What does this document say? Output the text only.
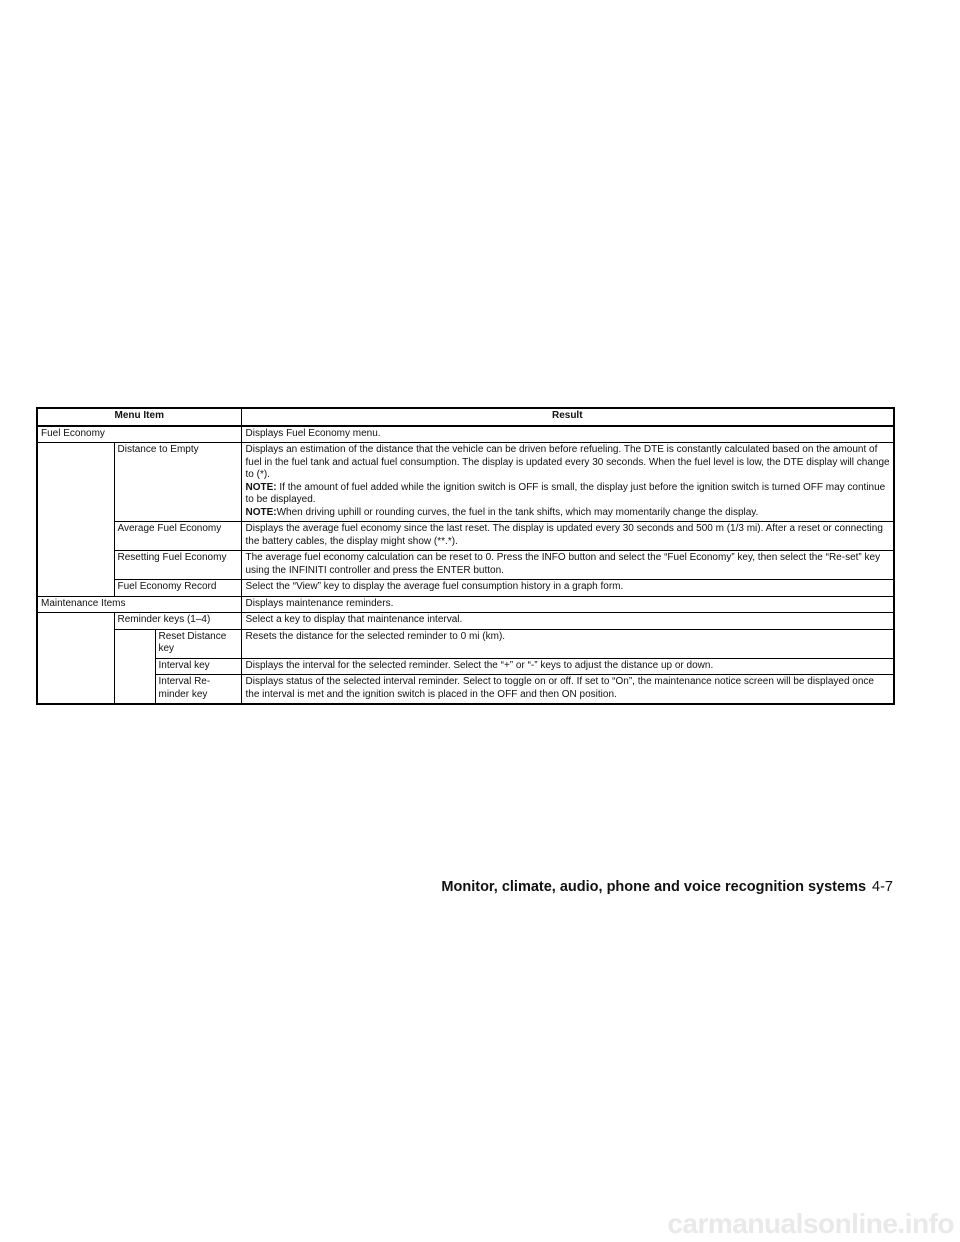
Menu Item			Result
Fuel Economy			Displays Fuel Economy menu.
	Distance to Empty		Displays an estimation of the distance that the vehicle can be driven before refueling. The DTE is constantly calculated based on the amount of fuel in the fuel tank and actual fuel consumption. The display is updated every 30 seconds. When the fuel level is low, the DTE display will change to (*).
NOTE: If the amount of fuel added while the ignition switch is OFF is small, the display just before the ignition switch is turned OFF may continue to be displayed.
NOTE:When driving uphill or rounding curves, the fuel in the tank shifts, which may momentarily change the display.

	Average Fuel Economy		Displays the average fuel economy since the last reset. The display is updated every 30 seconds and 500 m (1/3 mi). After a reset or connecting the battery cables, the display might show (**.*).
	Resetting Fuel Economy		The average fuel economy calculation can be reset to 0. Press the INFO button and select the “Fuel Economy” key, then select the “Re-set” key using the INFINITI controller and press the ENTER button.
	Fuel Economy Record		Select the “View” key to display the average fuel consumption history in a graph form.
Maintenance Items			Displays maintenance reminders.
	Reminder keys (1–4)		Select a key to display that maintenance interval.
		Reset Distance key	Resets the distance for the selected reminder to 0 mi (km).
		Interval key	Displays the interval for the selected reminder. Select the “+” or “-” keys to adjust the distance up or down.
		Interval Re-minder key	Displays status of the selected interval reminder. Select to toggle on or off. If set to “On”, the maintenance notice screen will be displayed once the interval is met and the ignition switch is placed in the OFF and then ON position.
Monitor, climate, audio, phone and voice recognition systems 4-7
carmanualsonline.info
